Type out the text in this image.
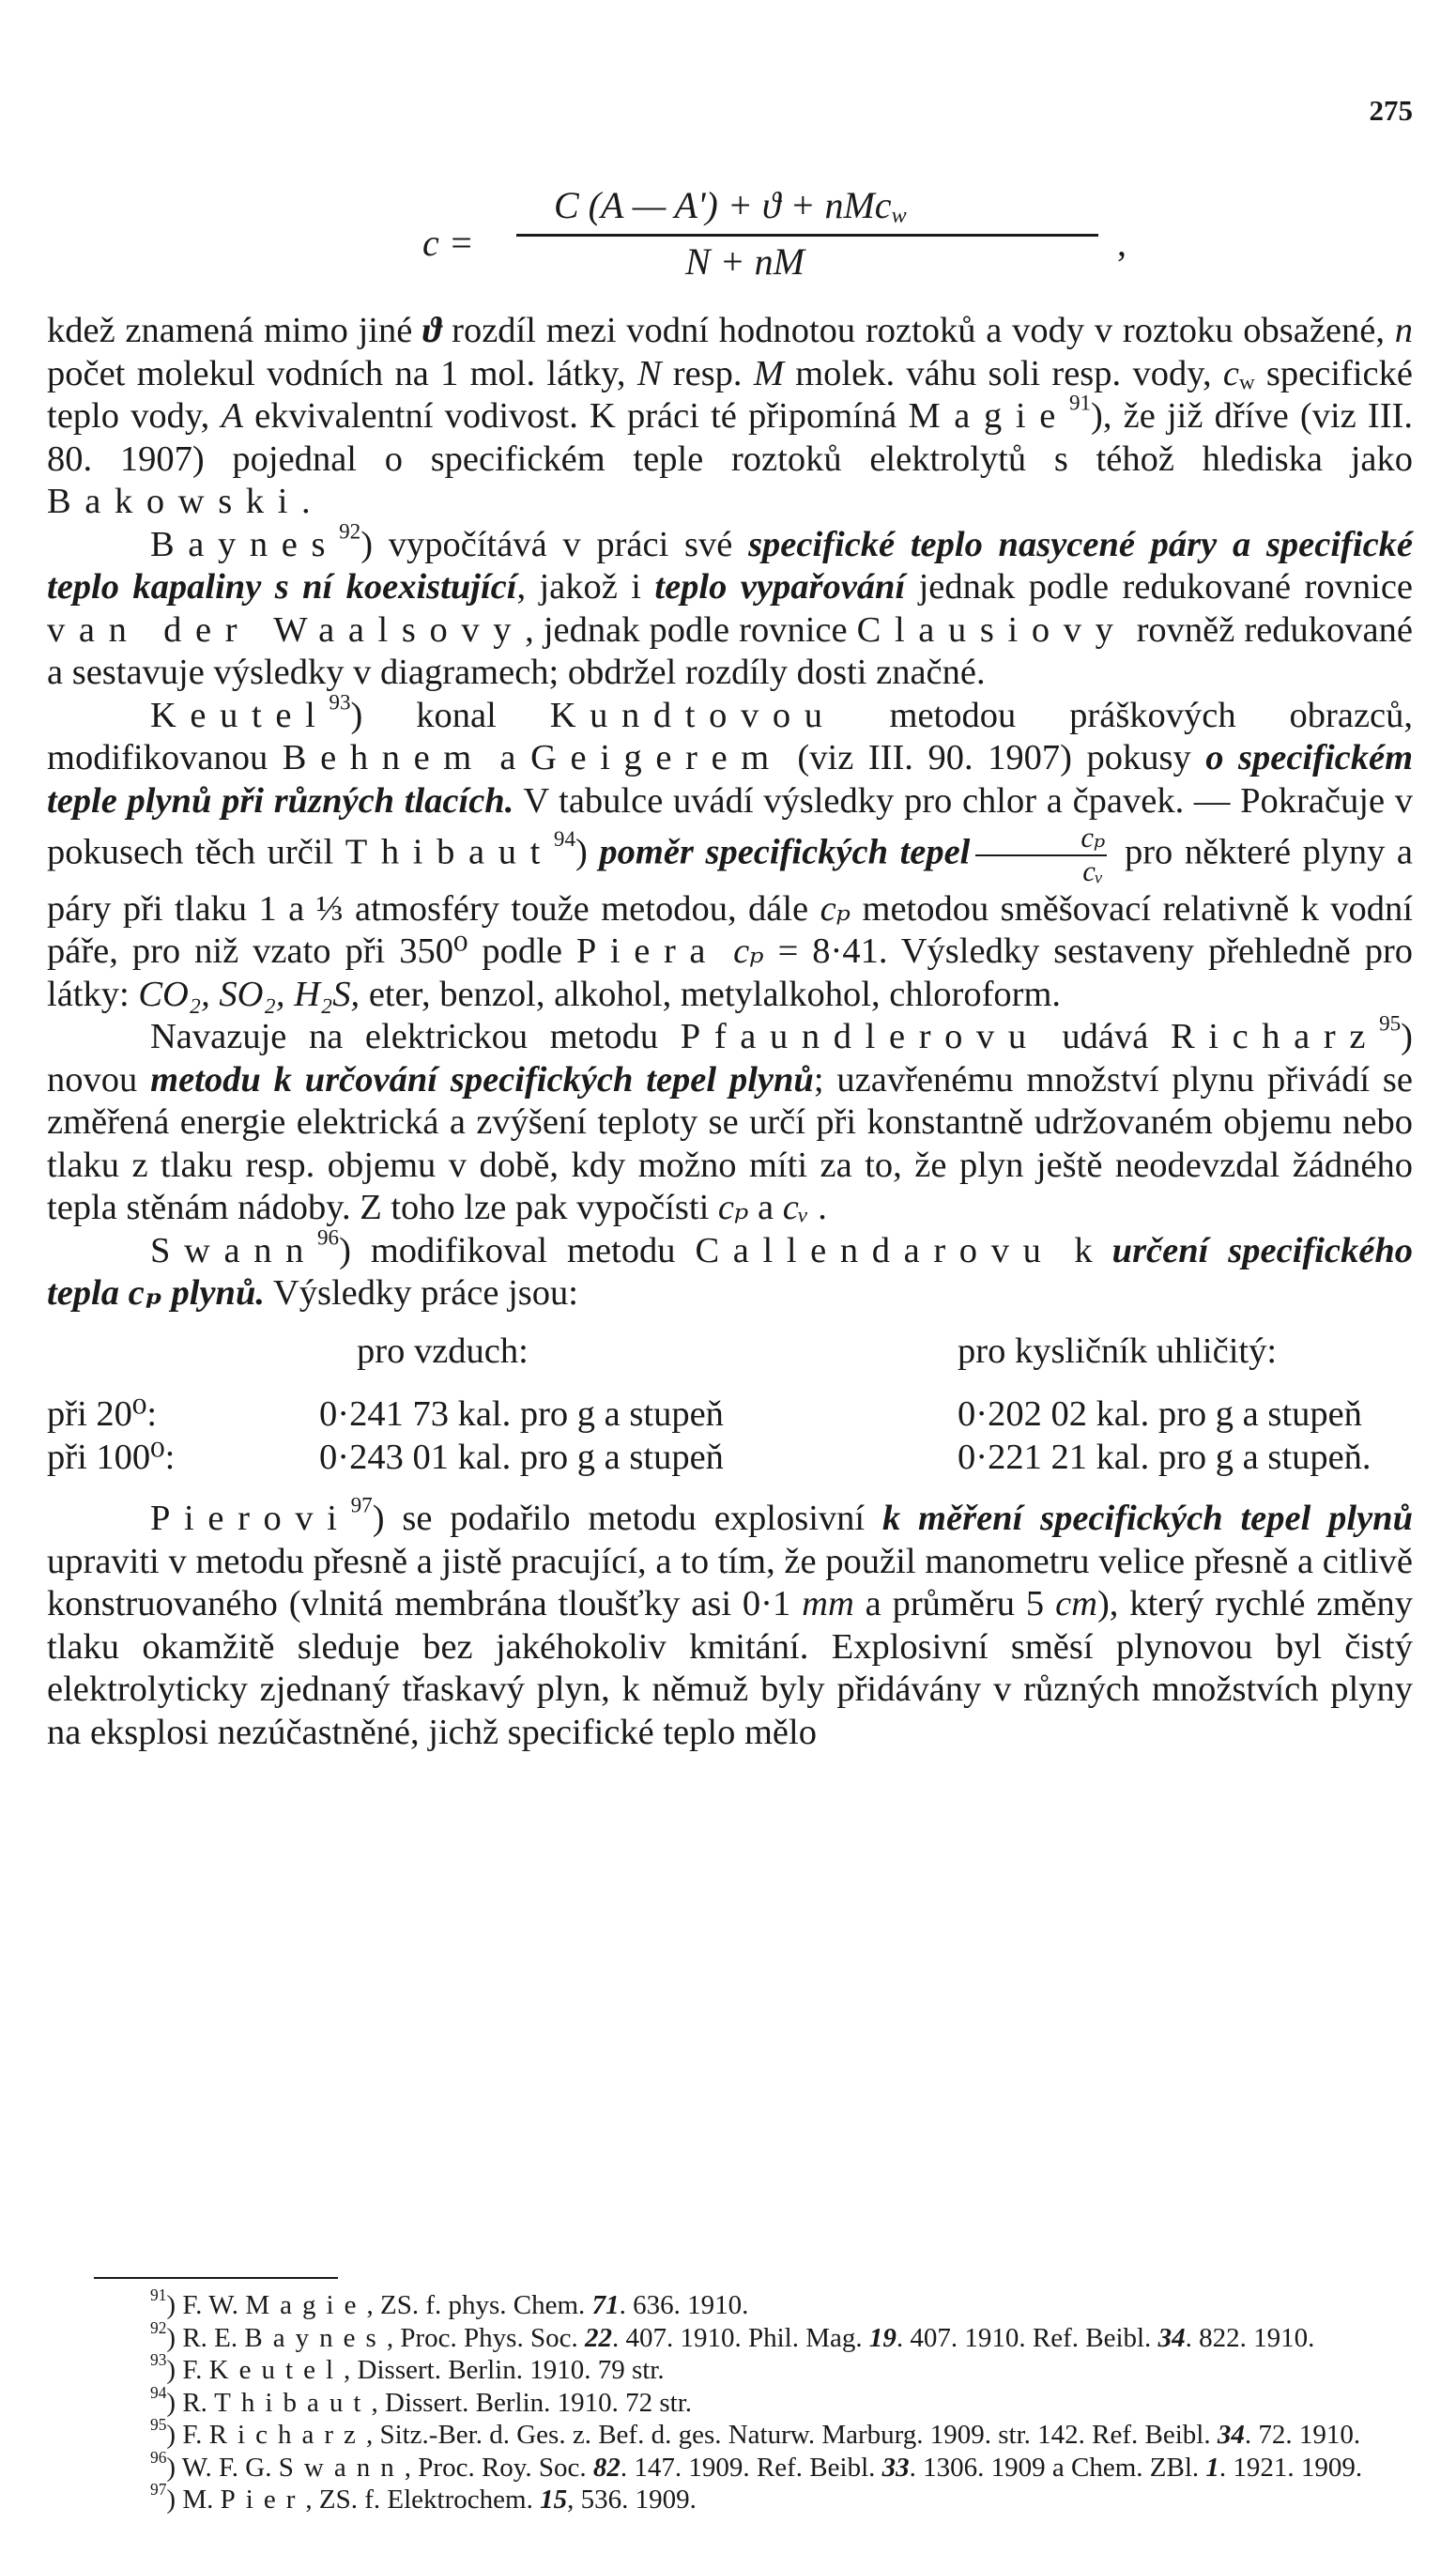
275
c =
C (A — A') + ϑ + nMc$_w$
N + nM	,

kdež znamená mimo jiné ϑ rozdíl mezi vodní hodnotou roztoků a vody v roztoku obsažené, n počet molekul vodních na 1 mol. látky, N resp. M molek. váhu soli resp. vody, $c_w$ specifické teplo vody, A ekvivalentní vodivost. K práci té připomíná Magie$^{91}$), že již dříve (viz III. 80. 1907) pojednal o specifickém teple roztoků elektrolytů s téhož hlediska jako Bakowski.

Baynes$^{92}$) vypočítává v práci své specifické teplo nasycené páry a specifické teplo kapaliny s ní koexistující, jakož i teplo vypařování jednak podle redukované rovnice van der Waalsovy, jednak podle rovnice Clausiovy rovněž redukované a sestavuje výsledky v diagramech; obdržel rozdíly dosti značné.

Keutel$^{93}$) konal Kundtovou metodou práškových obrazců, modifikovanou Behnem a Geigerem (viz III. 90. 1907) pokusy o specifickém teple plynů při různých tlacích. V tabulce uvádí výsledky pro chlor a čpavek. — Pokračuje v pokusech těch určil Thibaut$^{94}$) poměr specifických tepel $\frac{\text{cₚ}}{\text{cᵥ}}$ pro některé plyny a páry při tlaku 1 a ⅓ atmosféry touže metodou, dále cₚ metodou směšovací relativně k vodní páře, pro niž vzato při 350⁰ podle Piera cₚ = 8·41. Výsledky sestaveny přehledně pro látky: CO₂, SO₂, H₂S, eter, benzol, alkohol, metylalkohol, chloroform.

Navazuje na elektrickou metodu Pfaundlerovu udává Richarz$^{95}$) novou metodu k určování specifických tepel plynů; uzavřenému množství plynu přivádí se změřená energie elektrická a zvýšení teploty se určí při konstantně udržovaném objemu nebo tlaku z tlaku resp. objemu v době, kdy možno míti za to, že plyn ještě neodevzdal žádného tepla stěnám nádoby. Z toho lze pak vypočísti cₚ a cᵥ .

Swann$^{96}$) modifikoval metodu Callendarovu k určení specifického tepla cₚ plynů. Výsledky práce jsou:

	pro vzduch:	pro kysličník uhličitý:
při 20⁰:	0·241 73 kal. pro g a stupeň	0·202 02 kal. pro g a stupeň
při 100⁰:	0·243 01 kal. pro g a stupeň	0·221 21 kal. pro g a stupeň.

Pierovi$^{97}$) se podařilo metodu explosivní k měření specifických tepel plynů upraviti v metodu přesně a jistě pracující, a to tím, že použil manometru velice přesně a citlivě konstruovaného (vlnitá membrána tloušťky asi 0·1 mm a průměru 5 cm), který rychlé změny tlaku okamžitě sleduje bez jakéhokoliv kmitání. Explosivní směsí plynovou byl čistý elektrolyticky zjednaný třaskavý plyn, k němuž byly přidávány v různých množstvích plyny na eksplosi nezúčastněné, jichž specifické teplo mělo

$^{91}$) F. W. Magie, ZS. f. phys. Chem. 71. 636. 1910.

$^{92}$) R. E. Baynes, Proc. Phys. Soc. 22. 407. 1910. Phil. Mag. 19. 407. 1910. Ref. Beibl. 34. 822. 1910.

$^{93}$) F. Keutel, Dissert. Berlin. 1910. 79 str.

$^{94}$) R. Thibaut, Dissert. Berlin. 1910. 72 str.

$^{95}$) F. Richarz, Sitz.-Ber. d. Ges. z. Bef. d. ges. Naturw. Marburg. 1909. str. 142. Ref. Beibl. 34. 72. 1910.

$^{96}$) W. F. G. Swann, Proc. Roy. Soc. 82. 147. 1909. Ref. Beibl. 33. 1306. 1909 a Chem. ZBl. 1. 1921. 1909.

$^{97}$) M. Pier, ZS. f. Elektrochem. 15, 536. 1909.
